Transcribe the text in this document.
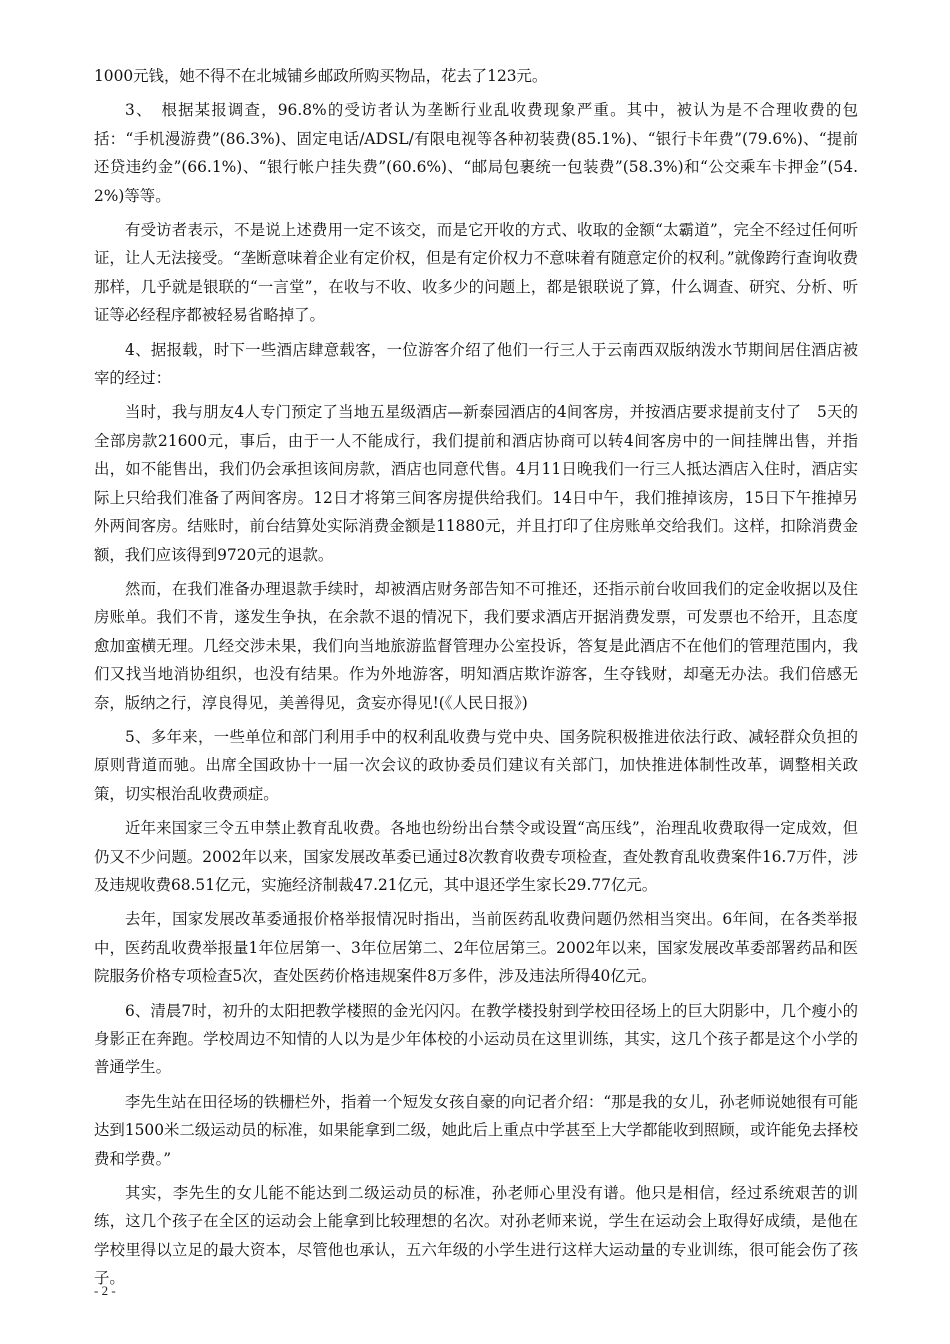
1000元钱，她不得不在北城铺乡邮政所购买物品，花去了123元。

3、　根据某报调查，96.8%的受访者认为垄断行业乱收费现象严重。其中，被认为是不合理收费的包括：“手机漫游费”(86.3%)、固定电话/ADSL/有限电视等各种初装费(85.1%)、“银行卡年费”(79.6%)、“提前还贷违约金”(66.1%)、“银行帐户挂失费”(60.6%)、“邮局包裹统一包装费”(58.3%)和“公交乘车卡押金”(54.2%)等等。

有受访者表示，不是说上述费用一定不该交，而是它开收的方式、收取的金额“太霸道”，完全不经过任何听证，让人无法接受。“垄断意味着企业有定价权，但是有定价权力不意味着有随意定价的权利。”就像跨行查询收费那样，几乎就是银联的“一言堂”，在收与不收、收多少的问题上，都是银联说了算，什么调查、研究、分析、听证等必经程序都被轻易省略掉了。

4、据报载，时下一些酒店肆意载客，一位游客介绍了他们一行三人于云南西双版纳泼水节期间居住酒店被宰的经过：

当时，我与朋友4人专门预定了当地五星级酒店—新泰园酒店的4间客房，并按酒店要求提前支付了　5天的全部房款21600元，事后，由于一人不能成行，我们提前和酒店协商可以转4间客房中的一间挂牌出售，并指出，如不能售出，我们仍会承担该间房款，酒店也同意代售。4月11日晚我们一行三人抵达酒店入住时，酒店实际上只给我们准备了两间客房。12日才将第三间客房提供给我们。14日中午，我们推掉该房，15日下午推掉另外两间客房。结账时，前台结算处实际消费金额是11880元，并且打印了住房账单交给我们。这样，扣除消费金额，我们应该得到9720元的退款。

然而，在我们准备办理退款手续时，却被酒店财务部告知不可推还，还指示前台收回我们的定金收据以及住房账单。我们不肯，遂发生争执，在余款不退的情况下，我们要求酒店开据消费发票，可发票也不给开，且态度愈加蛮横无理。几经交涉未果，我们向当地旅游监督管理办公室投诉，答复是此酒店不在他们的管理范围内，我们又找当地消协组织，也没有结果。作为外地游客，明知酒店欺诈游客，生夺钱财，却毫无办法。我们倍感无奈，版纳之行，淳良得见，美善得见，贪妄亦得见!(《人民日报》)

5、多年来，一些单位和部门利用手中的权利乱收费与党中央、国务院积极推进依法行政、减轻群众负担的原则背道而驰。出席全国政协十一届一次会议的政协委员们建议有关部门，加快推进体制性改革，调整相关政策，切实根治乱收费顽症。

近年来国家三令五申禁止教育乱收费。各地也纷纷出台禁令或设置“高压线”，治理乱收费取得一定成效，但仍又不少问题。2002年以来，国家发展改革委已通过8次教育收费专项检查，查处教育乱收费案件16.7万件，涉及违规收费68.51亿元，实施经济制裁47.21亿元，其中退还学生家长29.77亿元。

去年，国家发展改革委通报价格举报情况时指出，当前医药乱收费问题仍然相当突出。6年间，在各类举报中，医药乱收费举报量1年位居第一、3年位居第二、2年位居第三。2002年以来，国家发展改革委部署药品和医院服务价格专项检查5次，查处医药价格违规案件8万多件，涉及违法所得40亿元。

6、清晨7时，初升的太阳把教学楼照的金光闪闪。在教学楼投射到学校田径场上的巨大阴影中，几个瘦小的身影正在奔跑。学校周边不知情的人以为是少年体校的小运动员在这里训练，其实，这几个孩子都是这个小学的普通学生。

李先生站在田径场的铁栅栏外，指着一个短发女孩自豪的向记者介绍：“那是我的女儿，孙老师说她很有可能达到1500米二级运动员的标准，如果能拿到二级，她此后上重点中学甚至上大学都能收到照顾，或许能免去择校费和学费。”

其实，李先生的女儿能不能达到二级运动员的标准，孙老师心里没有谱。他只是相信，经过系统艰苦的训练，这几个孩子在全区的运动会上能拿到比较理想的名次。对孙老师来说，学生在运动会上取得好成绩，是他在学校里得以立足的最大资本，尽管他也承认，五六年级的小学生进行这样大运动量的专业训练，很可能会伤了孩子。

- 2 -
